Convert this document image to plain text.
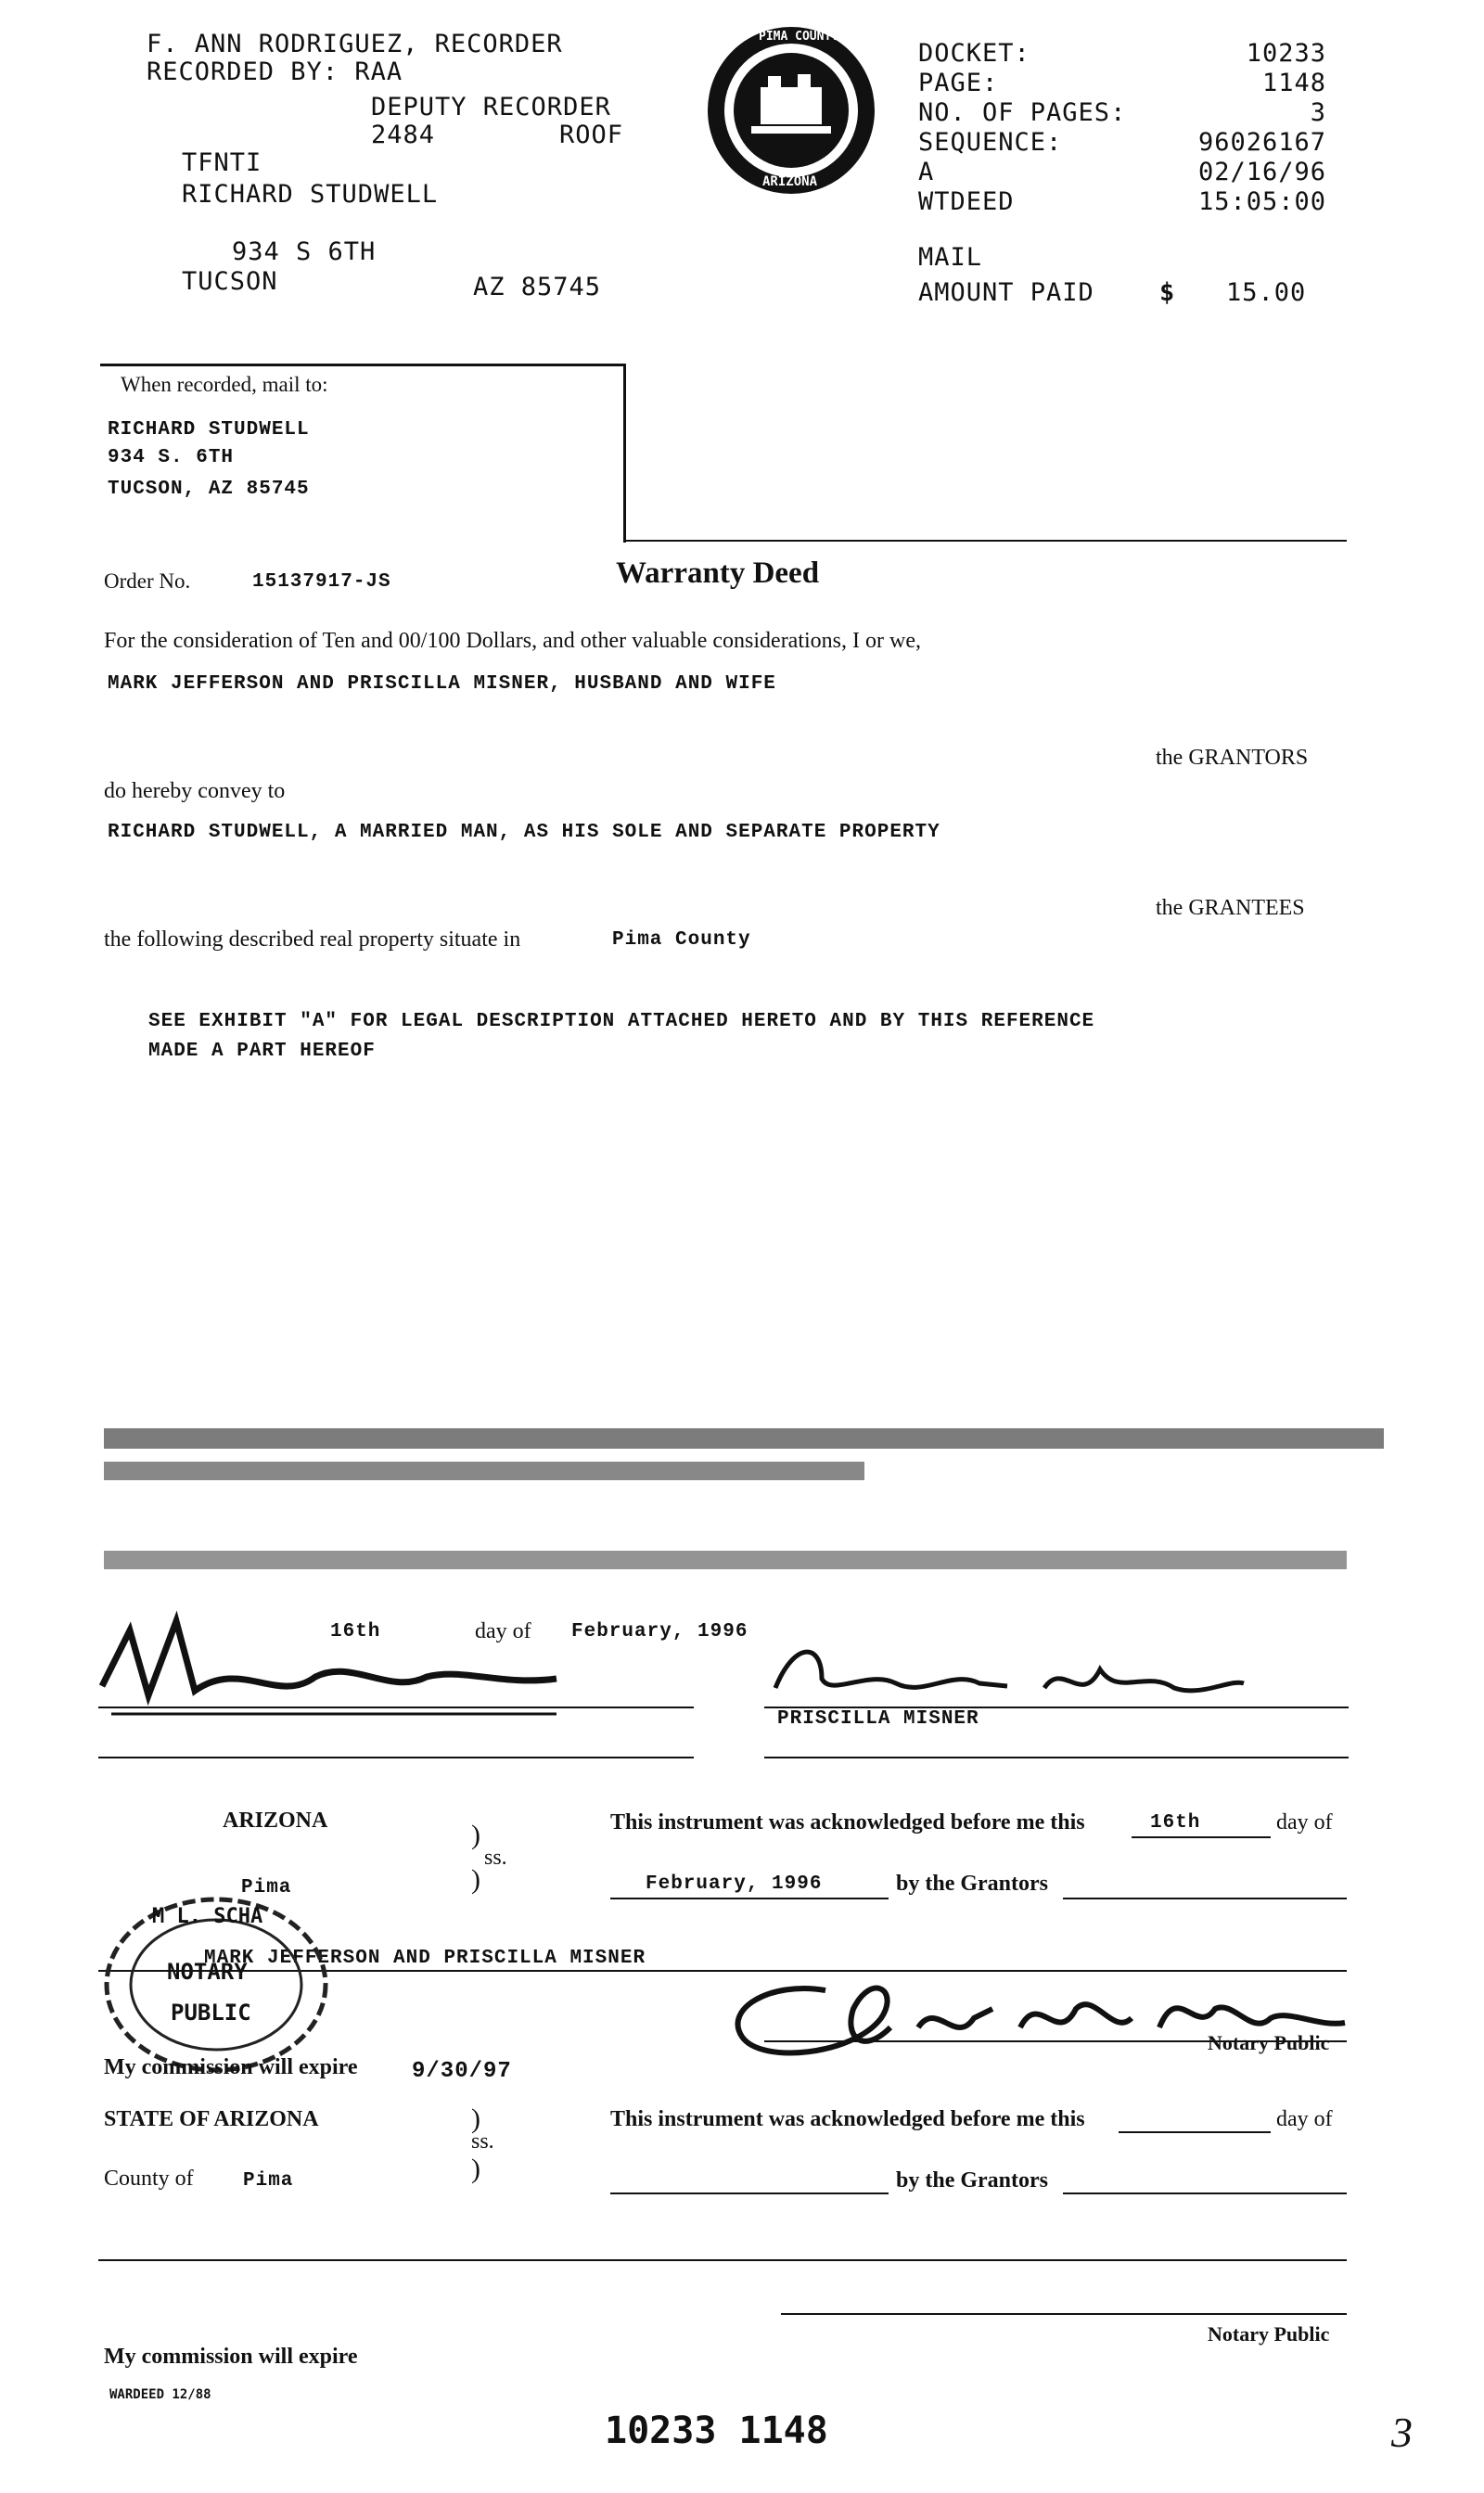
F. ANN RODRIGUEZ, RECORDER
RECORDED BY: RAA
DEPUTY RECORDER
2484	ROOF
TFNTI
RICHARD STUDWELL
934 S 6TH
TUCSON	AZ 85745
PIMA COUNTY
ARIZONA
DOCKET:	10233
PAGE:	1148
NO. OF PAGES:	3
SEQUENCE:	96026167
A	02/16/96
WTDEED	15:05:00
MAIL
AMOUNT PAID	$ 15.00
When recorded, mail to:
RICHARD STUDWELL
934 S. 6TH
TUCSON, AZ 85745
Order No.	15137917-JS	Warranty Deed
For the consideration of Ten and 00/100 Dollars, and other valuable considerations, I or we,
MARK JEFFERSON AND PRISCILLA MISNER, HUSBAND AND WIFE
the GRANTORS
do hereby convey to
RICHARD STUDWELL, A MARRIED MAN, AS HIS SOLE AND SEPARATE PROPERTY
the GRANTEES
the following described real property situate in	Pima County
SEE EXHIBIT "A" FOR LEGAL DESCRIPTION ATTACHED HERETO AND BY THIS REFERENCE
MADE A PART HEREOF
16th	day of February, 1996
PRISCILLA MISNER
ARIZONA	)
ss.
)
Pima
This instrument was acknowledged before me this	16th	day of
February, 1996	by the Grantors
MARK JEFFERSON AND PRISCILLA MISNER
M L. SCHA
NOTARY
PUBLIC
Notary Public
My commission will expire 9/30/97
STATE OF ARIZONA	)
ss.
)
County of	Pima
This instrument was acknowledged before me this	day of
by the Grantors
Notary Public
My commission will expire
WARDEED 12/88
10233 1148	3
